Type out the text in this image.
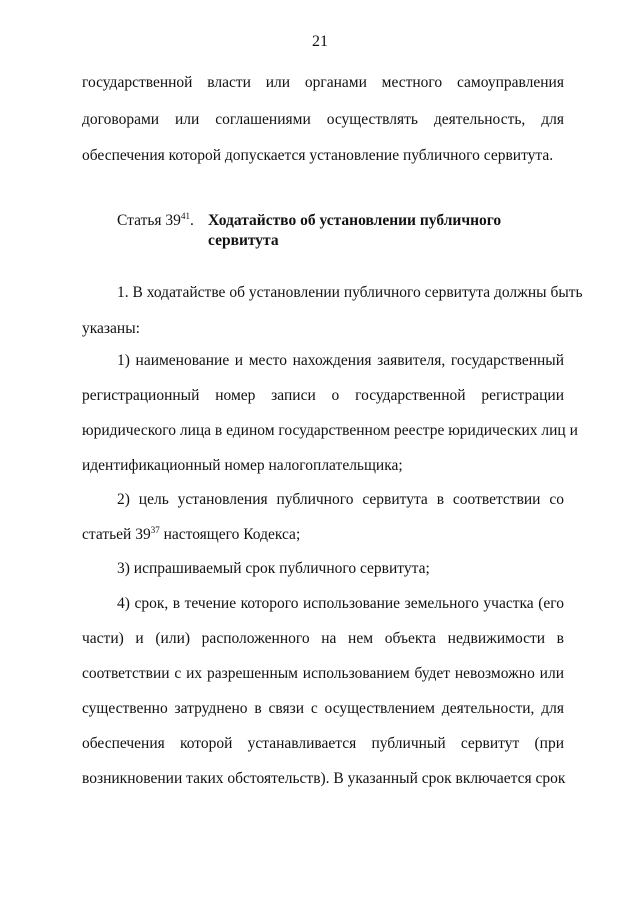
21
государственной власти или органами местного самоуправления
договорами или соглашениями осуществлять деятельность, для
обеспечения которой допускается установление публичного сервитута.
Статья $39^{41}$. Ходатайство об установлении публичного
сервитута
1. В ходатайстве об установлении публичного сервитута должны быть
указаны:
1) наименование и место нахождения заявителя, государственный
регистрационный номер записи о государственной регистрации
юридического лица в едином государственном реестре юридических лиц и
идентификационный номер налогоплательщика;
2) цель установления публичного сервитута в соответствии со
статьей $39^{37}$ настоящего Кодекса;
3) испрашиваемый срок публичного сервитута;
4) срок, в течение которого использование земельного участка (его
части) и (или) расположенного на нем объекта недвижимости в
соответствии с их разрешенным использованием будет невозможно или
существенно затруднено в связи с осуществлением деятельности, для
обеспечения которой устанавливается публичный сервитут (при
возникновении таких обстоятельств). В указанный срок включается срок
